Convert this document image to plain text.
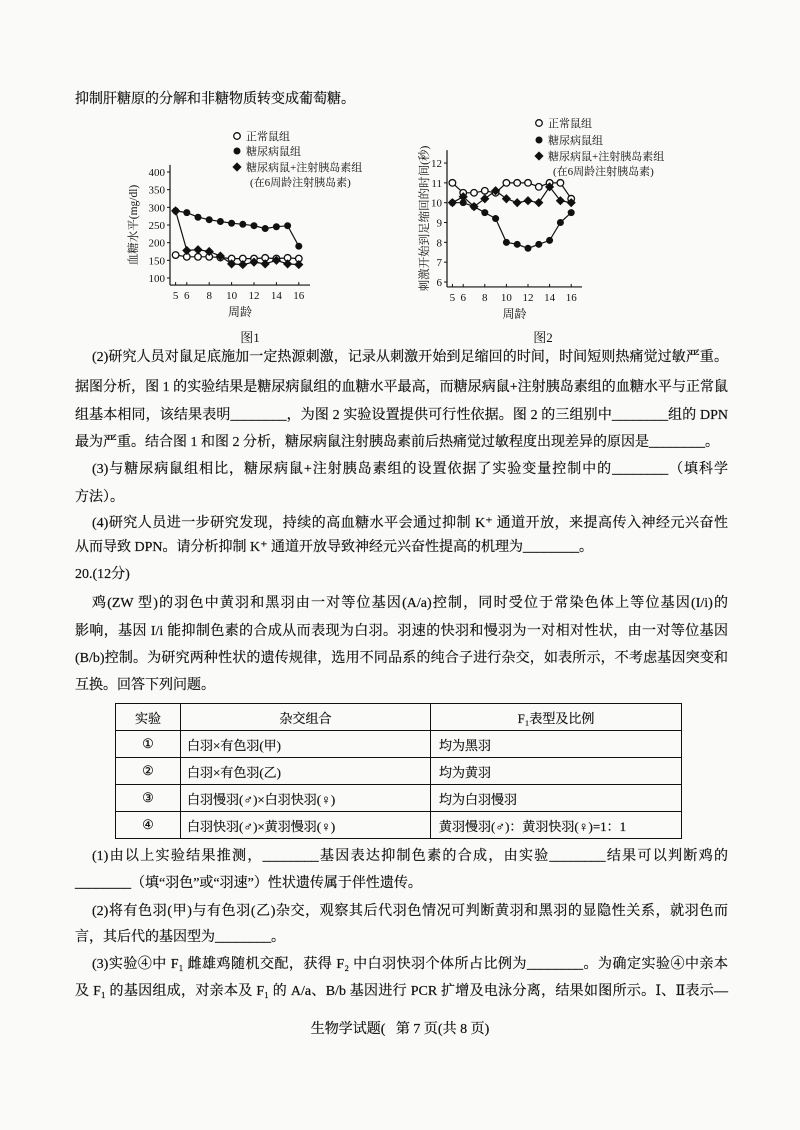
抑制肝糖原的分解和非糖物质转变成葡萄糖。
100
150
200
250
300
350
400
5 6 8 10 12 14 16
周龄
血糖水平(mg/dl)
正常鼠组
糖尿病鼠组
糖尿病鼠+注射胰岛素组
(在6周龄注射胰岛素)
图1
6
7
8
9
10
11
12
5 6 8 10 12 14 16
周龄
刺激开始到足缩回的时间(秒)
正常鼠组
糖尿病鼠组
糖尿病鼠+注射胰岛素组
(在6周龄注射胰岛素)
图2
(2)研究人员对鼠足底施加一定热源刺激，记录从刺激开始到足缩回的时间，时间短则热痛觉过敏严重。
据图分析，图 1 的实验结果是糖尿病鼠组的血糖水平最高，而糖尿病鼠+注射胰岛素组的血糖水平与正常鼠
组基本相同，该结果表明________，为图 2 实验设置提供可行性依据。图 2 的三组别中________组的 DPN
最为严重。结合图 1 和图 2 分析，糖尿病鼠注射胰岛素前后热痛觉过敏程度出现差异的原因是________。
(3)与糖尿病鼠组相比，糖尿病鼠+注射胰岛素组的设置依据了实验变量控制中的________（填科学
方法）。
(4)研究人员进一步研究发现，持续的高血糖水平会通过抑制 K⁺ 通道开放，来提高传入神经元兴奋性
从而导致 DPN。请分析抑制 K⁺ 通道开放导致神经元兴奋性提高的机理为________。
20.(12分)
鸡(ZW 型)的羽色中黄羽和黑羽由一对等位基因(A/a)控制，同时受位于常染色体上等位基因(I/i)的
影响，基因 I/i 能抑制色素的合成从而表现为白羽。羽速的快羽和慢羽为一对相对性状，由一对等位基因
(B/b)控制。为研究两种性状的遗传规律，选用不同品系的纯合子进行杂交，如表所示，不考虑基因突变和
互换。回答下列问题。
实验	杂交组合	F₁表型及比例
①	白羽×有色羽(甲)	均为黑羽
②	白羽×有色羽(乙)	均为黄羽
③	白羽慢羽(♂)×白羽快羽(♀)	均为白羽慢羽
④	白羽快羽(♂)×黄羽慢羽(♀)	黄羽慢羽(♂)：黄羽快羽(♀)=1：1
(1)由以上实验结果推测，________基因表达抑制色素的合成，由实验________结果可以判断鸡的
________（填“羽色”或“羽速”）性状遗传属于伴性遗传。
(2)将有色羽(甲)与有色羽(乙)杂交，观察其后代羽色情况可判断黄羽和黑羽的显隐性关系，就羽色而
言，其后代的基因型为________。
(3)实验④中 F₁ 雌雄鸡随机交配，获得 F₂ 中白羽快羽个体所占比例为________。为确定实验④中亲本
及 F₁ 的基因组成，对亲本及 F₁ 的 A/a、B/b 基因进行 PCR 扩增及电泳分离，结果如图所示。Ⅰ、Ⅱ表示—
生物学试题(   第 7 页(共 8 页)
